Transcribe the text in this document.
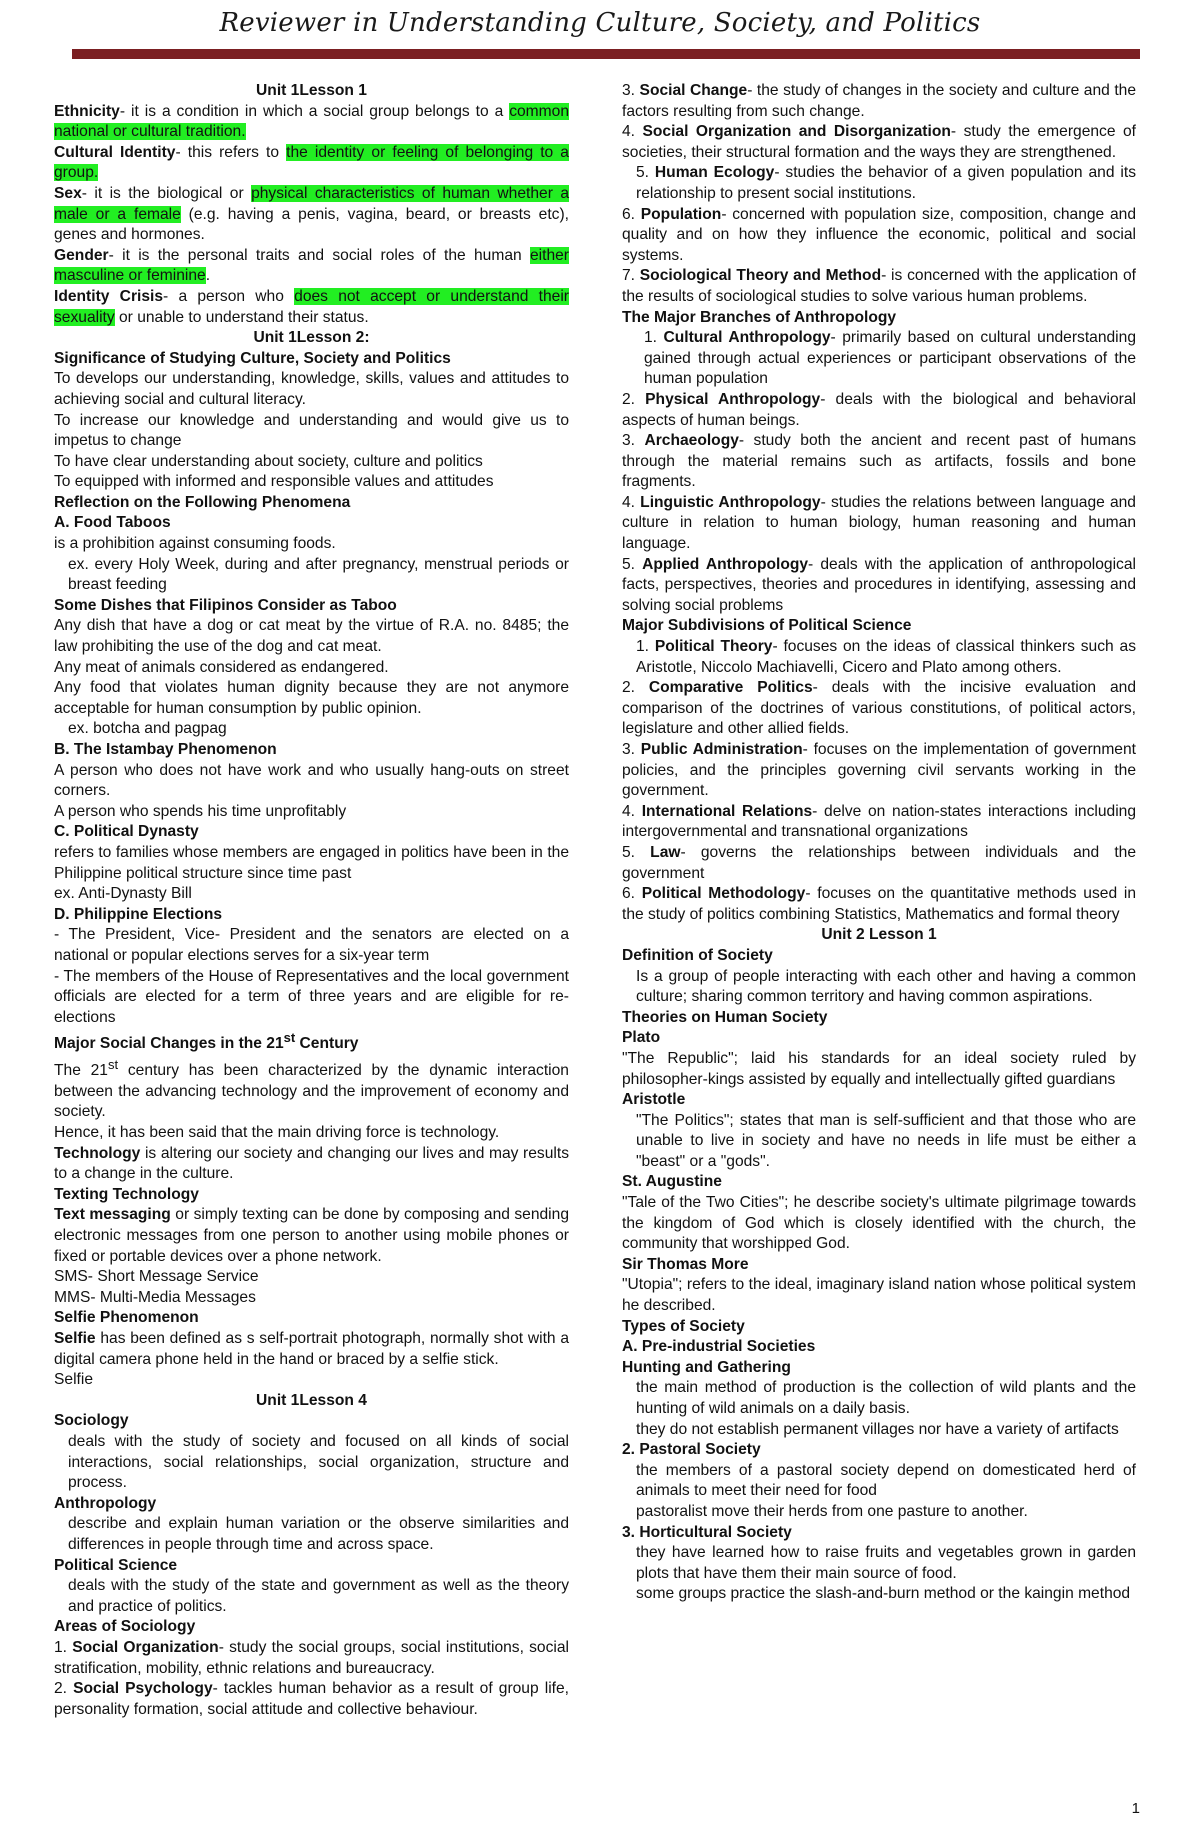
Reviewer in Understanding Culture, Society, and Politics

Unit 1Lesson 1

Ethnicity- it is a condition in which a social group belongs to a common national or cultural tradition.

Cultural Identity- this refers to the identity or feeling of belonging to a group.

Sex- it is the biological or physical characteristics of human whether a male or a female (e.g. having a penis, vagina, beard, or breasts etc), genes and hormones.

Gender- it is the personal traits and social roles of the human either masculine or feminine.

Identity Crisis- a person who does not accept or understand their sexuality or unable to understand their status.

Unit 1Lesson 2:

Significance of Studying Culture, Society and Politics

To develops our understanding, knowledge, skills, values and attitudes to achieving social and cultural literacy.

To increase our knowledge and understanding and would give us to impetus to change

To have clear understanding about society, culture and politics

To equipped with informed and responsible values and attitudes

Reflection on the Following Phenomena

A. Food Taboos

is a prohibition against consuming foods.

ex. every Holy Week, during and after pregnancy, menstrual periods or breast feeding

Some Dishes that Filipinos Consider as Taboo

Any dish that have a dog or cat meat by the virtue of R.A. no. 8485; the law prohibiting the use of the dog and cat meat.

Any meat of animals considered as endangered.

Any food that violates human dignity because they are not anymore acceptable for human consumption by public opinion.

ex. botcha and pagpag

B. The Istambay Phenomenon

A person who does not have work and who usually hang-outs on street corners.

A person who spends his time unprofitably

C. Political Dynasty

refers to families whose members are engaged in politics have been in the Philippine political structure since time past

ex. Anti-Dynasty Bill

D. Philippine Elections

- The President, Vice- President and the senators are elected on a national or popular elections serves for a six-year term

- The members of the House of Representatives and the local government officials are elected for a term of three years and are eligible for re-elections

Major Social Changes in the 21st Century

The 21st century has been characterized by the dynamic interaction between the advancing technology and the improvement of economy and society.

Hence, it has been said that the main driving force is technology.

Technology is altering our society and changing our lives and may results to a change in the culture.

Texting Technology

Text messaging or simply texting can be done by composing and sending electronic messages from one person to another using mobile phones or fixed or portable devices over a phone network.

SMS- Short Message Service

MMS- Multi-Media Messages

Selfie Phenomenon

Selfie has been defined as s self-portrait photograph, normally shot with a digital camera phone held in the hand or braced by a selfie stick.

Selfie

Unit 1Lesson 4

Sociology

deals with the study of society and focused on all kinds of social interactions, social relationships, social organization, structure and process.

Anthropology

describe and explain human variation or the observe similarities and differences in people through time and across space.

Political Science

deals with the study of the state and government as well as the theory and practice of politics.

Areas of Sociology

1. Social Organization- study the social groups, social institutions, social stratification, mobility, ethnic relations and bureaucracy.

2. Social Psychology- tackles human behavior as a result of group life, personality formation, social attitude and collective behaviour.

3. Social Change- the study of changes in the society and culture and the factors resulting from such change.

4. Social Organization and Disorganization- study the emergence of societies, their structural formation and the ways they are strengthened.

5. Human Ecology- studies the behavior of a given population and its relationship to present social institutions.

6. Population- concerned with population size, composition, change and quality and on how they influence the economic, political and social systems.

7. Sociological Theory and Method- is concerned with the application of the results of sociological studies to solve various human problems.

The Major Branches of Anthropology

1. Cultural Anthropology- primarily based on cultural understanding gained through actual experiences or participant observations of the human population

2. Physical Anthropology- deals with the biological and behavioral aspects of human beings.

3. Archaeology- study both the ancient and recent past of humans through the material remains such as artifacts, fossils and bone fragments.

4. Linguistic Anthropology- studies the relations between language and culture in relation to human biology, human reasoning and human language.

5. Applied Anthropology- deals with the application of anthropological facts, perspectives, theories and procedures in identifying, assessing and solving social problems

Major Subdivisions of Political Science

1. Political Theory- focuses on the ideas of classical thinkers such as Aristotle, Niccolo Machiavelli, Cicero and Plato among others.

2. Comparative Politics- deals with the incisive evaluation and comparison of the doctrines of various constitutions, of political actors, legislature and other allied fields.

3. Public Administration- focuses on the implementation of government policies, and the principles governing civil servants working in the government.

4. International Relations- delve on nation-states interactions including intergovernmental and transnational organizations

5. Law- governs the relationships between individuals and the government

6. Political Methodology- focuses on the quantitative methods used in the study of politics combining Statistics, Mathematics and formal theory

Unit 2 Lesson 1

Definition of Society

Is a group of people interacting with each other and having a common culture; sharing common territory and having common aspirations.

Theories on Human Society

Plato

"The Republic"; laid his standards for an ideal society ruled by philosopher-kings assisted by equally and intellectually gifted guardians

Aristotle

"The Politics"; states that man is self-sufficient and that those who are unable to live in society and have no needs in life must be either a "beast" or a "gods".

St. Augustine

"Tale of the Two Cities"; he describe society's ultimate pilgrimage towards the kingdom of God which is closely identified with the church, the community that worshipped God.

Sir Thomas More

"Utopia"; refers to the ideal, imaginary island nation whose political system he described.

Types of Society

A. Pre-industrial Societies

Hunting and Gathering

the main method of production is the collection of wild plants and the hunting of wild animals on a daily basis.

they do not establish permanent villages nor have a variety of artifacts

2. Pastoral Society

the members of a pastoral society depend on domesticated herd of animals to meet their need for food

pastoralist move their herds from one pasture to another.

3. Horticultural Society

they have learned how to raise fruits and vegetables grown in garden plots that have them their main source of food.

some groups practice the slash-and-burn method or the kaingin method

1
